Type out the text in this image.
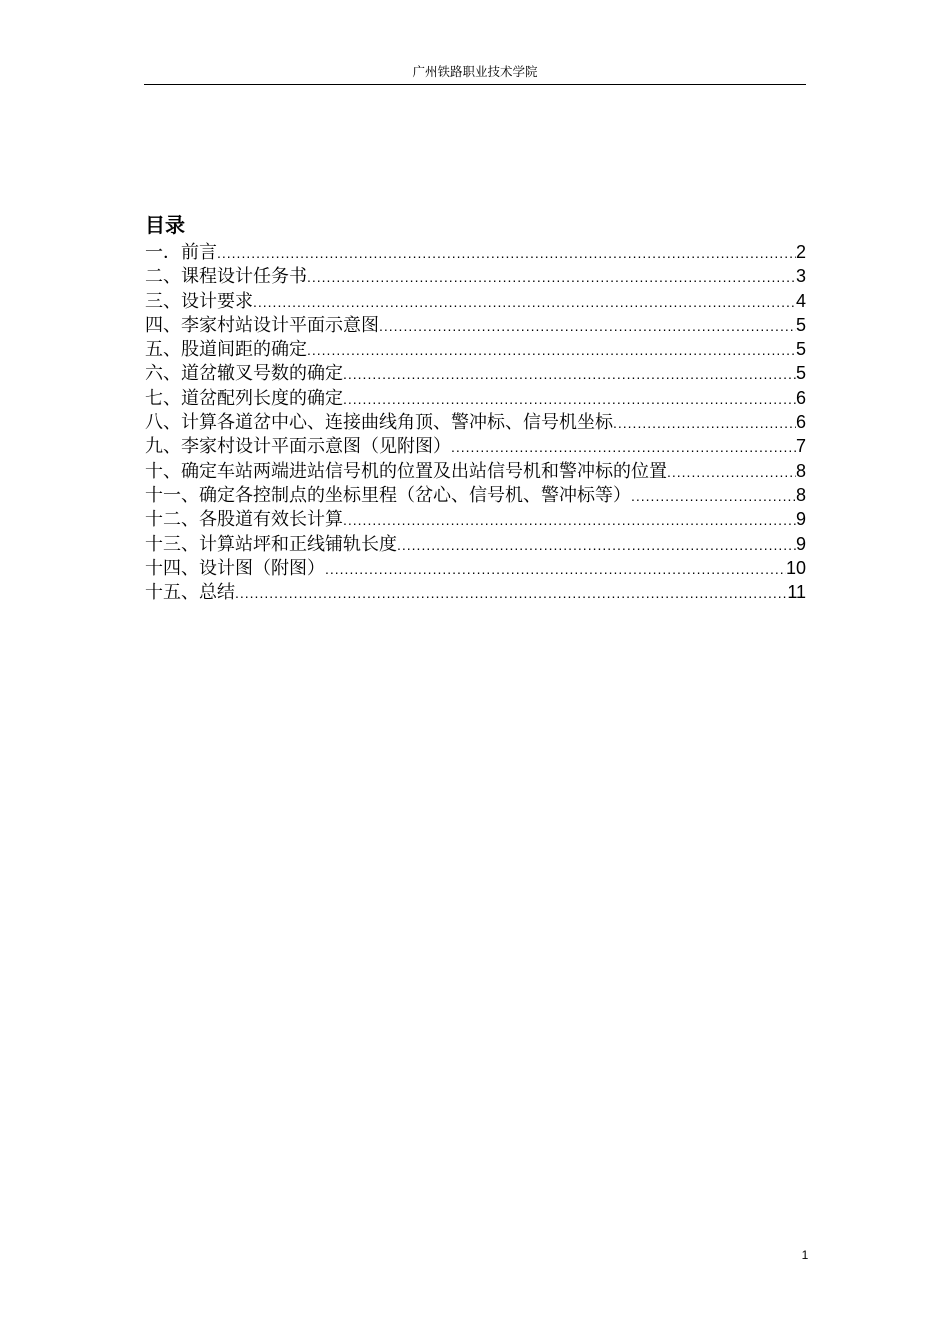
广州铁路职业技术学院
目录
一．前言 .....	2
二、课程设计任务书 .....	3
三、设计要求 .....	4
四、李家村站设计平面示意图 .....	5
五、股道间距的确定 .....	5
六、道岔辙叉号数的确定 .....	5
七、道岔配列长度的确定 .....	6
八、计算各道岔中心、连接曲线角顶、警冲标、信号机坐标 .....	6
九、李家村设计平面示意图（见附图） .....	7
十、确定车站两端进站信号机的位置及出站信号机和警冲标的位置 .....	8
十一、确定各控制点的坐标里程（岔心、信号机、警冲标等） .....	8
十二、各股道有效长计算 .....	9
十三、计算站坪和正线铺轨长度 .....	9
十四、设计图（附图） .....	10
十五、总结 .....	11
1
